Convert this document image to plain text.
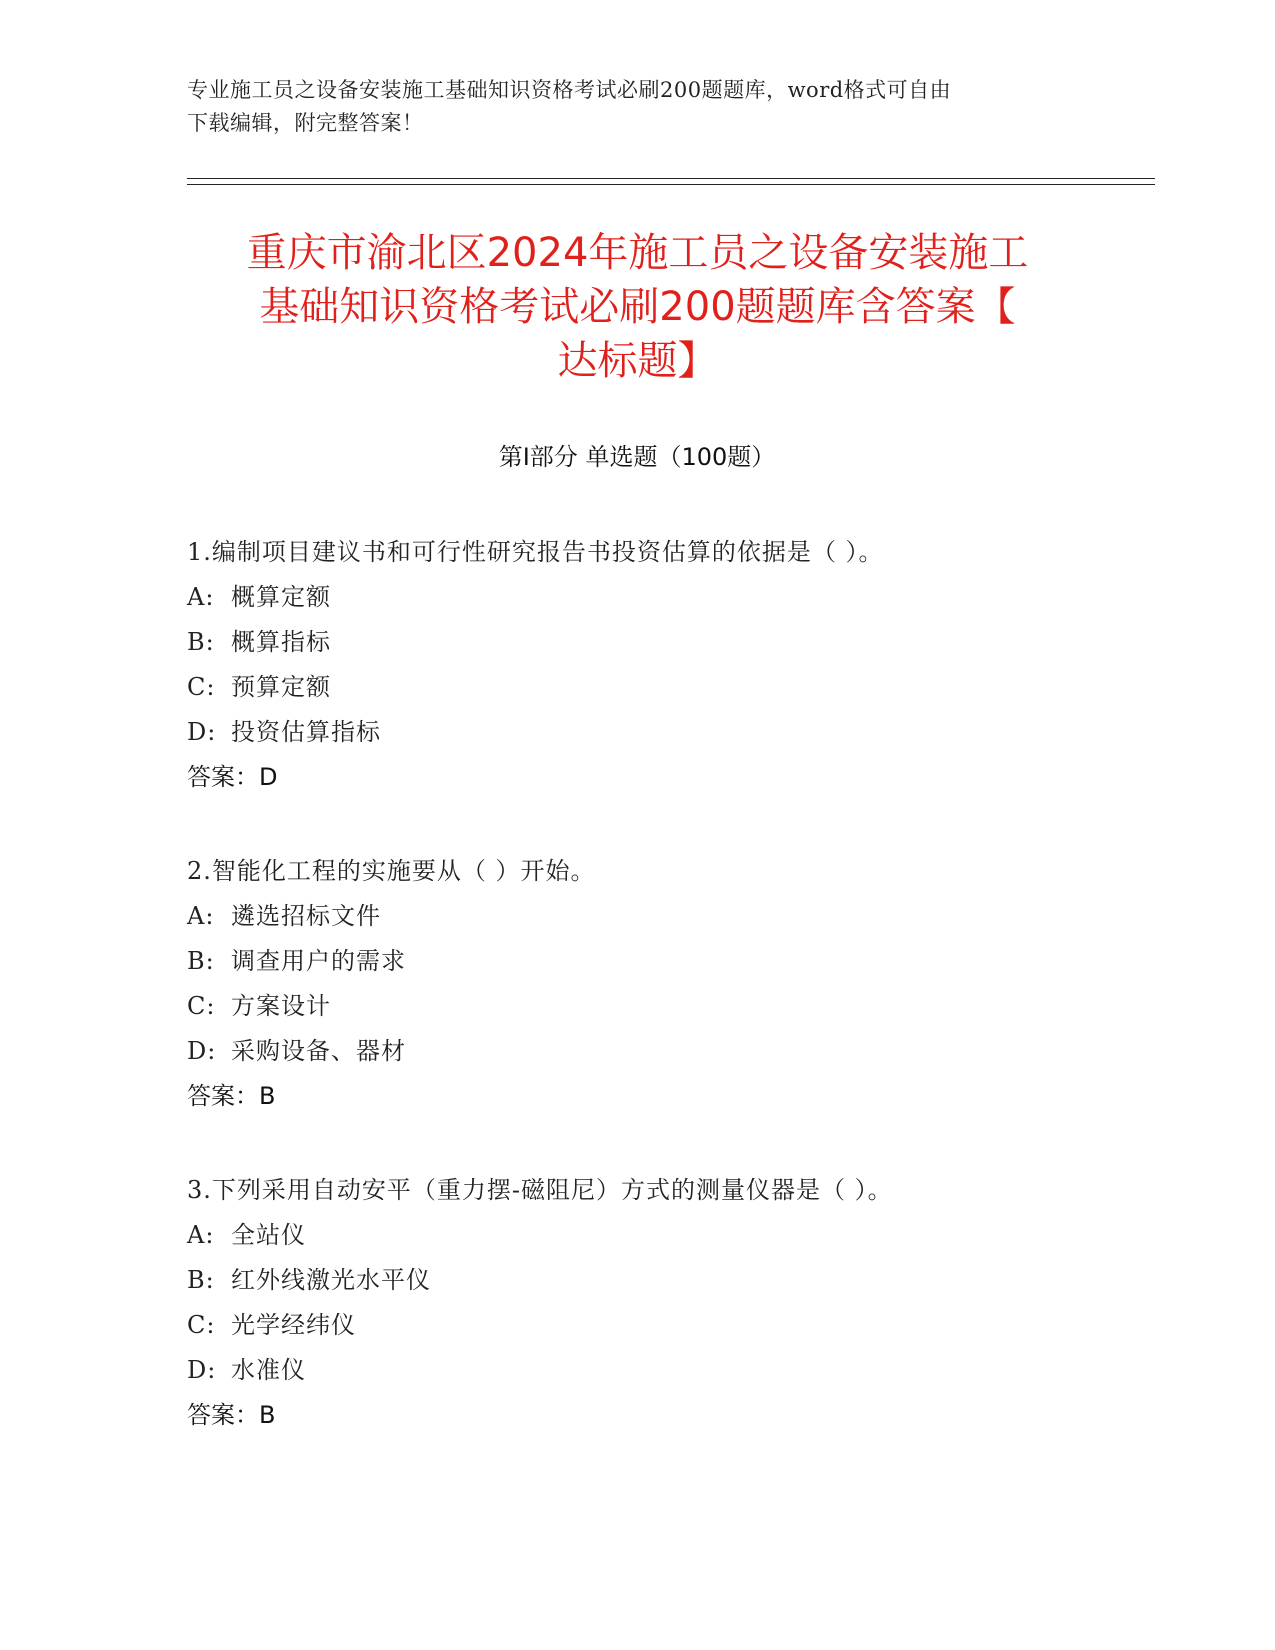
专业施工员之设备安装施工基础知识资格考试必刷200题题库，word格式可自由
下载编辑，附完整答案！
重庆市渝北区2024年施工员之设备安装施工
基础知识资格考试必刷200题题库含答案【
达标题】
第I部分 单选题（100题）
1.编制项目建议书和可行性研究报告书投资估算的依据是（ ）。
A: 概算定额
B: 概算指标
C: 预算定额
D: 投资估算指标
答案：D
2.智能化工程的实施要从（ ）开始。
A: 遴选招标文件
B: 调查用户的需求
C: 方案设计
D: 采购设备、器材
答案：B
3.下列采用自动安平（重力摆-磁阻尼）方式的测量仪器是（ ）。
A: 全站仪
B: 红外线激光水平仪
C: 光学经纬仪
D: 水准仪
答案：B
